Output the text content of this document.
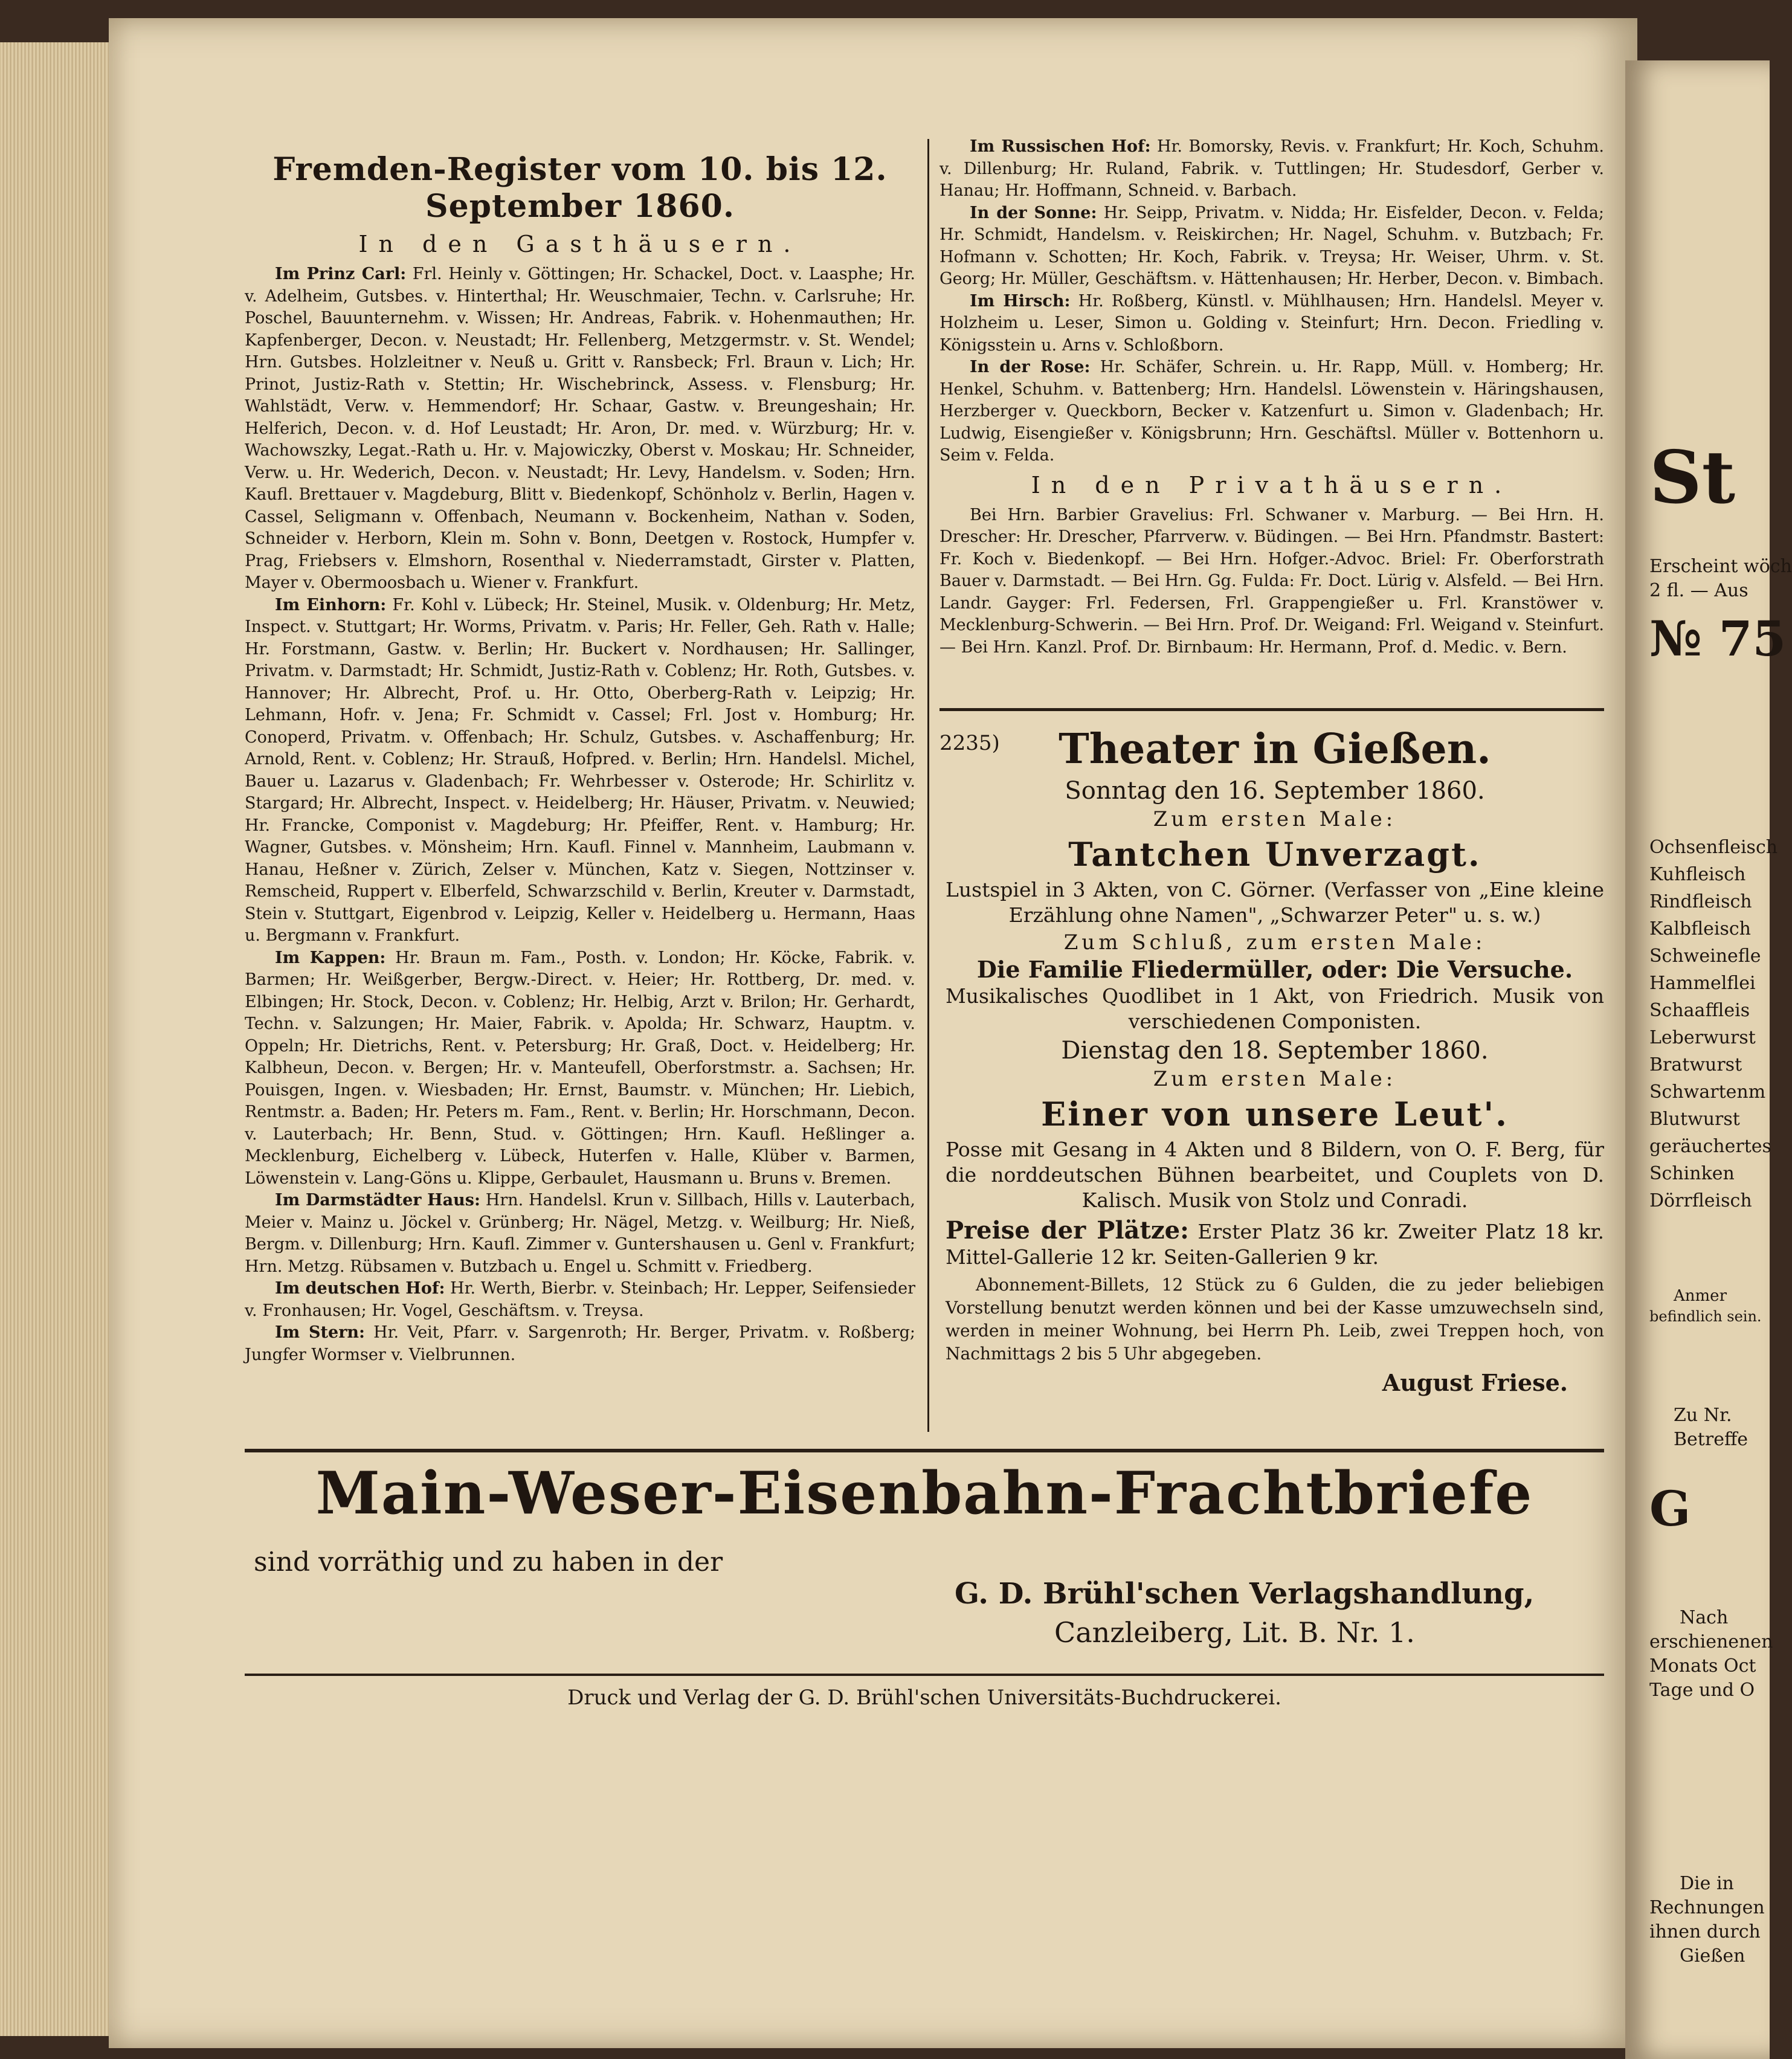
Fremden-Register vom 10. bis 12. September 1860.
In den Gasthäusern.

Im Prinz Carl: Frl. Heinly v. Göttingen; Hr. Schackel, Doct. v. Laasphe; Hr. v. Adelheim, Gutsbes. v. Hinterthal; Hr. Weuschmaier, Techn. v. Carlsruhe; Hr. Poschel, Bauunternehm. v. Wissen; Hr. Andreas, Fabrik. v. Hohenmauthen; Hr. Kapfenberger, Decon. v. Neustadt; Hr. Fellenberg, Metzgermstr. v. St. Wendel; Hrn. Gutsbes. Holzleitner v. Neuß u. Gritt v. Ransbeck; Frl. Braun v. Lich; Hr. Prinot, Justiz-Rath v. Stettin; Hr. Wischebrinck, Assess. v. Flensburg; Hr. Wahlstädt, Verw. v. Hemmendorf; Hr. Schaar, Gastw. v. Breungeshain; Hr. Helferich, Decon. v. d. Hof Leustadt; Hr. Aron, Dr. med. v. Würzburg; Hr. v. Wachowszky, Legat.-Rath u. Hr. v. Majowiczky, Oberst v. Moskau; Hr. Schneider, Verw. u. Hr. Wederich, Decon. v. Neustadt; Hr. Levy, Handelsm. v. Soden; Hrn. Kaufl. Brettauer v. Magdeburg, Blitt v. Biedenkopf, Schönholz v. Berlin, Hagen v. Cassel, Seligmann v. Offenbach, Neumann v. Bockenheim, Nathan v. Soden, Schneider v. Herborn, Klein m. Sohn v. Bonn, Deetgen v. Rostock, Humpfer v. Prag, Friebsers v. Elmshorn, Rosenthal v. Niederramstadt, Girster v. Platten, Mayer v. Obermoosbach u. Wiener v. Frankfurt.

Im Einhorn: Fr. Kohl v. Lübeck; Hr. Steinel, Musik. v. Oldenburg; Hr. Metz, Inspect. v. Stuttgart; Hr. Worms, Privatm. v. Paris; Hr. Feller, Geh. Rath v. Halle; Hr. Forstmann, Gastw. v. Berlin; Hr. Buckert v. Nordhausen; Hr. Sallinger, Privatm. v. Darmstadt; Hr. Schmidt, Justiz-Rath v. Coblenz; Hr. Roth, Gutsbes. v. Hannover; Hr. Albrecht, Prof. u. Hr. Otto, Oberberg-Rath v. Leipzig; Hr. Lehmann, Hofr. v. Jena; Fr. Schmidt v. Cassel; Frl. Jost v. Homburg; Hr. Conoperd, Privatm. v. Offenbach; Hr. Schulz, Gutsbes. v. Aschaffenburg; Hr. Arnold, Rent. v. Coblenz; Hr. Strauß, Hofpred. v. Berlin; Hrn. Handelsl. Michel, Bauer u. Lazarus v. Gladenbach; Fr. Wehrbesser v. Osterode; Hr. Schirlitz v. Stargard; Hr. Albrecht, Inspect. v. Heidelberg; Hr. Häuser, Privatm. v. Neuwied; Hr. Francke, Componist v. Magdeburg; Hr. Pfeiffer, Rent. v. Hamburg; Hr. Wagner, Gutsbes. v. Mönsheim; Hrn. Kaufl. Finnel v. Mannheim, Laubmann v. Hanau, Heßner v. Zürich, Zelser v. München, Katz v. Siegen, Nottzinser v. Remscheid, Ruppert v. Elberfeld, Schwarzschild v. Berlin, Kreuter v. Darmstadt, Stein v. Stuttgart, Eigenbrod v. Leipzig, Keller v. Heidelberg u. Hermann, Haas u. Bergmann v. Frankfurt.

Im Kappen: Hr. Braun m. Fam., Posth. v. London; Hr. Köcke, Fabrik. v. Barmen; Hr. Weißgerber, Bergw.-Direct. v. Heier; Hr. Rottberg, Dr. med. v. Elbingen; Hr. Stock, Decon. v. Coblenz; Hr. Helbig, Arzt v. Brilon; Hr. Gerhardt, Techn. v. Salzungen; Hr. Maier, Fabrik. v. Apolda; Hr. Schwarz, Hauptm. v. Oppeln; Hr. Dietrichs, Rent. v. Petersburg; Hr. Graß, Doct. v. Heidelberg; Hr. Kalbheun, Decon. v. Bergen; Hr. v. Manteufell, Oberforstmstr. a. Sachsen; Hr. Pouisgen, Ingen. v. Wiesbaden; Hr. Ernst, Baumstr. v. München; Hr. Liebich, Rentmstr. a. Baden; Hr. Peters m. Fam., Rent. v. Berlin; Hr. Horschmann, Decon. v. Lauterbach; Hr. Benn, Stud. v. Göttingen; Hrn. Kaufl. Heßlinger a. Mecklenburg, Eichelberg v. Lübeck, Huterfen v. Halle, Klüber v. Barmen, Löwenstein v. Lang-Göns u. Klippe, Gerbaulet, Hausmann u. Bruns v. Bremen.

Im Darmstädter Haus: Hrn. Handelsl. Krun v. Sillbach, Hills v. Lauterbach, Meier v. Mainz u. Jöckel v. Grünberg; Hr. Nägel, Metzg. v. Weilburg; Hr. Nieß, Bergm. v. Dillenburg; Hrn. Kaufl. Zimmer v. Guntershausen u. Genl v. Frankfurt; Hrn. Metzg. Rübsamen v. Butzbach u. Engel u. Schmitt v. Friedberg.

Im deutschen Hof: Hr. Werth, Bierbr. v. Steinbach; Hr. Lepper, Seifensieder v. Fronhausen; Hr. Vogel, Geschäftsm. v. Treysa.

Im Stern: Hr. Veit, Pfarr. v. Sargenroth; Hr. Berger, Privatm. v. Roßberg; Jungfer Wormser v. Vielbrunnen.

Im Russischen Hof: Hr. Bomorsky, Revis. v. Frankfurt; Hr. Koch, Schuhm. v. Dillenburg; Hr. Ruland, Fabrik. v. Tuttlingen; Hr. Studesdorf, Gerber v. Hanau; Hr. Hoffmann, Schneid. v. Barbach.

In der Sonne: Hr. Seipp, Privatm. v. Nidda; Hr. Eisfelder, Decon. v. Felda; Hr. Schmidt, Handelsm. v. Reiskirchen; Hr. Nagel, Schuhm. v. Butzbach; Fr. Hofmann v. Schotten; Hr. Koch, Fabrik. v. Treysa; Hr. Weiser, Uhrm. v. St. Georg; Hr. Müller, Geschäftsm. v. Hättenhausen; Hr. Herber, Decon. v. Bimbach.

Im Hirsch: Hr. Roßberg, Künstl. v. Mühlhausen; Hrn. Handelsl. Meyer v. Holzheim u. Leser, Simon u. Golding v. Steinfurt; Hrn. Decon. Friedling v. Königsstein u. Arns v. Schloßborn.

In der Rose: Hr. Schäfer, Schrein. u. Hr. Rapp, Müll. v. Homberg; Hr. Henkel, Schuhm. v. Battenberg; Hrn. Handelsl. Löwenstein v. Häringshausen, Herzberger v. Queckborn, Becker v. Katzenfurt u. Simon v. Gladenbach; Hr. Ludwig, Eisengießer v. Königsbrunn; Hrn. Geschäftsl. Müller v. Bottenhorn u. Seim v. Felda.

In den Privathäusern.

Bei Hrn. Barbier Gravelius: Frl. Schwaner v. Marburg. — Bei Hrn. H. Drescher: Hr. Drescher, Pfarrverw. v. Büdingen. — Bei Hrn. Pfandmstr. Bastert: Fr. Koch v. Biedenkopf. — Bei Hrn. Hofger.-Advoc. Briel: Fr. Oberforstrath Bauer v. Darmstadt. — Bei Hrn. Gg. Fulda: Fr. Doct. Lürig v. Alsfeld. — Bei Hrn. Landr. Gayger: Frl. Federsen, Frl. Grappengießer u. Frl. Kranstöwer v. Mecklenburg-Schwerin. — Bei Hrn. Prof. Dr. Weigand: Frl. Weigand v. Steinfurt. — Bei Hrn. Kanzl. Prof. Dr. Birnbaum: Hr. Hermann, Prof. d. Medic. v. Bern.

2235)	Theater in Gießen.
Sonntag den 16. September 1860.
Zum ersten Male:
Tantchen Unverzagt.
Lustspiel in 3 Akten, von C. Görner. (Verfasser von „Eine kleine Erzählung ohne Namen", „Schwarzer Peter" u. s. w.)
Zum Schluß, zum ersten Male:
Die Familie Fliedermüller, oder: Die Versuche.
Musikalisches Quodlibet in 1 Akt, von Friedrich. Musik von verschiedenen Componisten.
Dienstag den 18. September 1860.
Zum ersten Male:
Einer von unsere Leut'.
Posse mit Gesang in 4 Akten und 8 Bildern, von O. F. Berg, für die norddeutschen Bühnen bearbeitet, und Couplets von D. Kalisch. Musik von Stolz und Conradi.
Preise der Plätze: Erster Platz 36 kr. Zweiter Platz 18 kr. Mittel-Gallerie 12 kr. Seiten-Gallerien 9 kr.
Abonnement-Billets, 12 Stück zu 6 Gulden, die zu jeder beliebigen Vorstellung benutzt werden können und bei der Kasse umzuwechseln sind, werden in meiner Wohnung, bei Herrn Ph. Leib, zwei Treppen hoch, von Nachmittags 2 bis 5 Uhr abgegeben.
August Friese.
Main-Weser-Eisenbahn-Frachtbriefe
sind vorräthig und zu haben in der
G. D. Brühl'schen Verlagshandlung,
Canzleiberg, Lit. B. Nr. 1.
Druck und Verlag der G. D. Brühl'schen Universitäts-Buchdruckerei.
St
Erscheint wöch
2 fl. — Aus
№ 75
Ochsenfleisch
Kuhfleisch
Rindfleisch
Kalbfleisch
Schweinefle
Hammelflei
Schaaffleis
Leberwurst
Bratwurst
Schwartenm
Blutwurst
geräuchertes
Schinken
Dörrfleisch
Anmer
befindlich sein.
Zu Nr.
Betreffe
G
Nach
erschienenen
Monats Oct
Tage und O
Die in
Rechnungen
ihnen durch
Gießen
